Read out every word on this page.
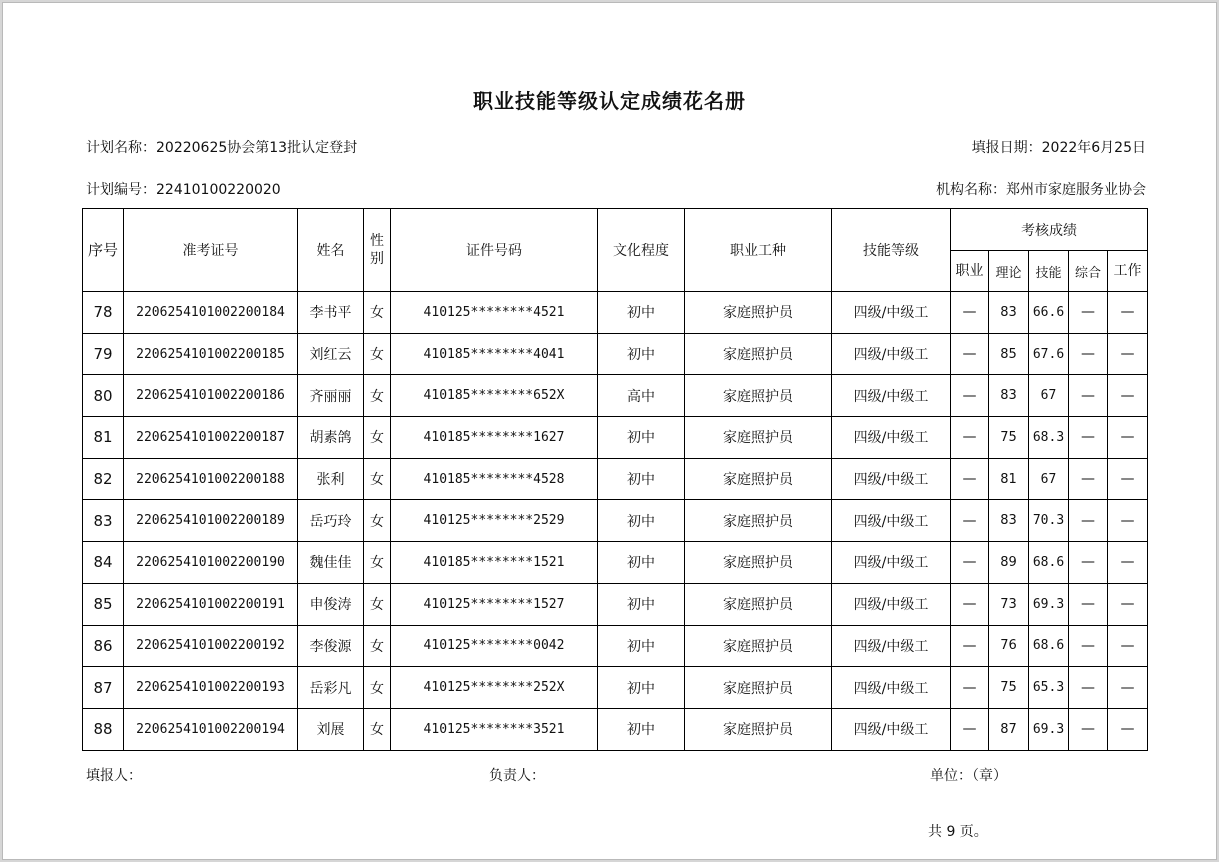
职业技能等级认定成绩花名册
计划名称：20220625协会第13批认定登封	填报日期：2022年6月25日
计划编号：22410100220020	机构名称：郑州市家庭服务业协会
序号	准考证号	姓名	性别	证件号码	文化程度	职业工种	技能等级	考核成绩				
								职业	理论	技能	综合	工作
78	2206254101002200184	李书平	女	410125********4521	初中	家庭照护员	四级/中级工	—	83	66.6	—	—
79	2206254101002200185	刘红云	女	410185********4041	初中	家庭照护员	四级/中级工	—	85	67.6	—	—
80	2206254101002200186	齐丽丽	女	410185********652X	高中	家庭照护员	四级/中级工	—	83	67	—	—
81	2206254101002200187	胡素鸽	女	410185********1627	初中	家庭照护员	四级/中级工	—	75	68.3	—	—
82	2206254101002200188	张利	女	410185********4528	初中	家庭照护员	四级/中级工	—	81	67	—	—
83	2206254101002200189	岳巧玲	女	410125********2529	初中	家庭照护员	四级/中级工	—	83	70.3	—	—
84	2206254101002200190	魏佳佳	女	410185********1521	初中	家庭照护员	四级/中级工	—	89	68.6	—	—
85	2206254101002200191	申俊涛	女	410125********1527	初中	家庭照护员	四级/中级工	—	73	69.3	—	—
86	2206254101002200192	李俊源	女	410125********0042	初中	家庭照护员	四级/中级工	—	76	68.6	—	—
87	2206254101002200193	岳彩凡	女	410125********252X	初中	家庭照护员	四级/中级工	—	75	65.3	—	—
88	2206254101002200194	刘展	女	410125********3521	初中	家庭照护员	四级/中级工	—	87	69.3	—	—
填报人：	负责人：	单位：（章）
共 9 页。
